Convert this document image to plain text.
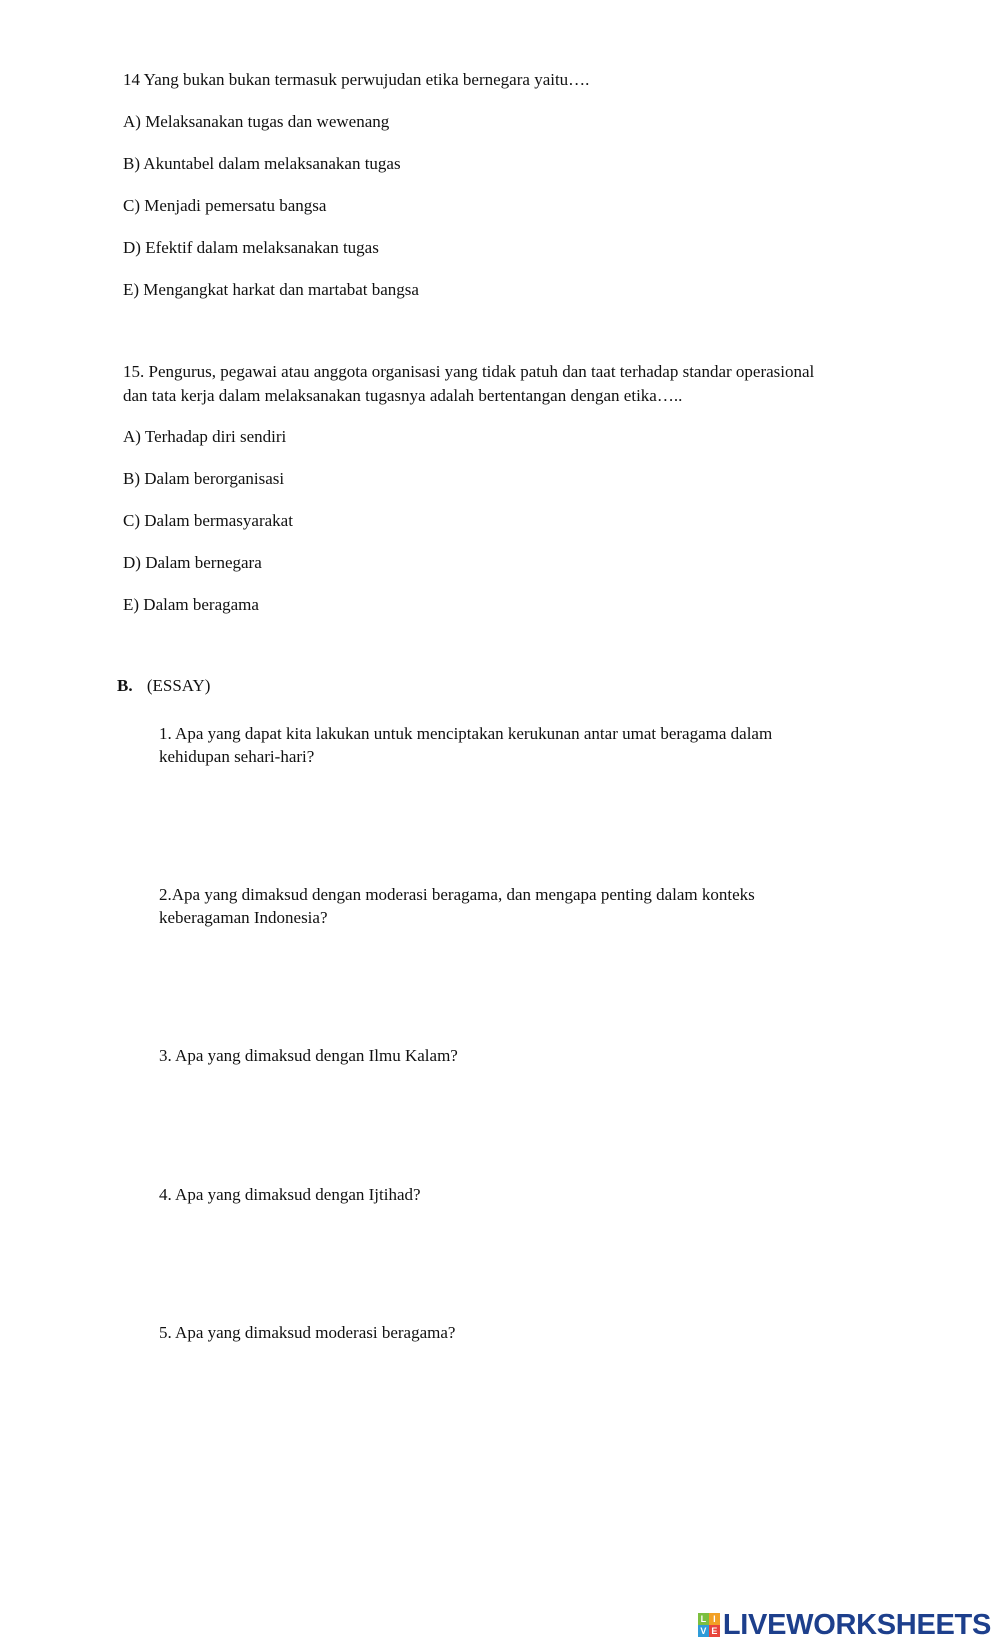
14 Yang bukan bukan termasuk perwujudan etika bernegara yaitu….
A) Melaksanakan tugas dan wewenang
B) Akuntabel dalam melaksanakan tugas
C) Menjadi pemersatu bangsa
D) Efektif dalam melaksanakan tugas
E) Mengangkat harkat dan martabat bangsa
15. Pengurus, pegawai atau anggota organisasi yang tidak patuh dan taat terhadap standar operasional
dan tata kerja dalam melaksanakan tugasnya adalah bertentangan dengan etika…..
A) Terhadap diri sendiri
B) Dalam berorganisasi
C) Dalam bermasyarakat
D) Dalam bernegara
E) Dalam beragama
B. (ESSAY)
1. Apa yang dapat kita lakukan untuk menciptakan kerukunan antar umat beragama dalam
kehidupan sehari-hari?
2.Apa yang dimaksud dengan moderasi beragama, dan mengapa penting dalam konteks
keberagaman Indonesia?
3. Apa yang dimaksud dengan Ilmu Kalam?
4. Apa yang dimaksud dengan Ijtihad?
5. Apa yang dimaksud moderasi beragama?
L I
V E LIVEWORKSHEETS
